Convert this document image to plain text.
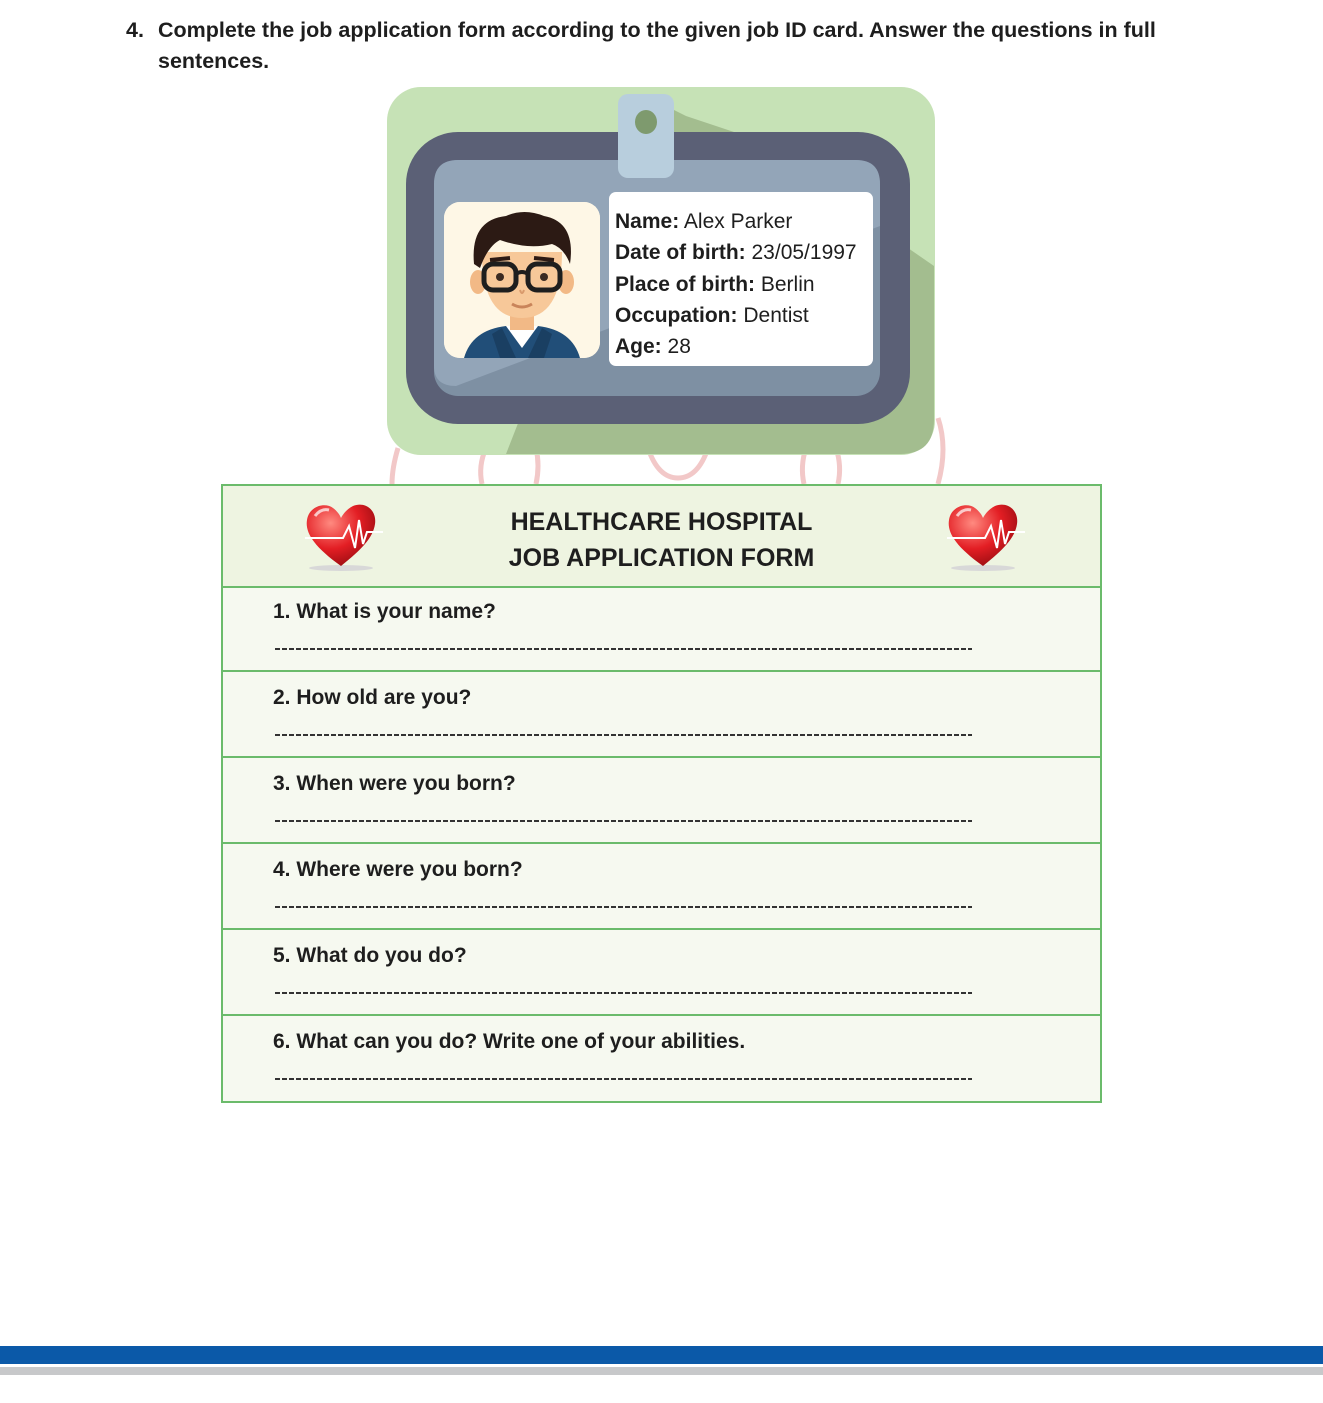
4. Complete the job application form according to the given job ID card. Answer the questions in full sentences.

Name: Alex Parker
Date of birth: 23/05/1997
Place of birth: Berlin
Occupation: Dentist
Age: 28
HEALTHCARE HOSPITAL
JOB APPLICATION FORM
1. What is your name?
2. How old are you?
3. When were you born?
4. Where were you born?
5. What do you do?
6. What can you do? Write one of your abilities.
